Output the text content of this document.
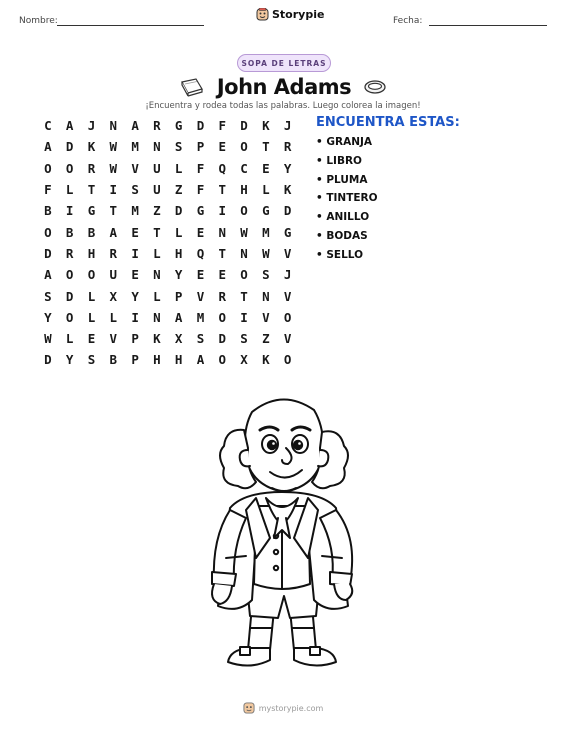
Nombre:	Storypie	Fecha:
SOPA DE LETRAS
John Adams
¡Encuentra y rodea todas las palabras. Luego colorea la imagen!
C	A	J	N	A	R	G	D	F	D	K	J
A	D	K	W	M	N	S	P	E	O	T	R
O	O	R	W	V	U	L	F	Q	C	E	Y
F	L	T	I	S	U	Z	F	T	H	L	K
B	I	G	T	M	Z	D	G	I	O	G	D
O	B	B	A	E	T	L	E	N	W	M	G
D	R	H	R	I	L	H	Q	T	N	W	V
A	O	O	U	E	N	Y	E	E	O	S	J
S	D	L	X	Y	L	P	V	R	T	N	V
Y	O	L	L	I	N	A	M	O	I	V	O
W	L	E	V	P	K	X	S	D	S	Z	V
D	Y	S	B	P	H	H	A	O	X	K	O
ENCUENTRA ESTAS:
• GRANJA
• LIBRO
• PLUMA
• TINTERO
• ANILLO
• BODAS
• SELLO
mystorypie.com
